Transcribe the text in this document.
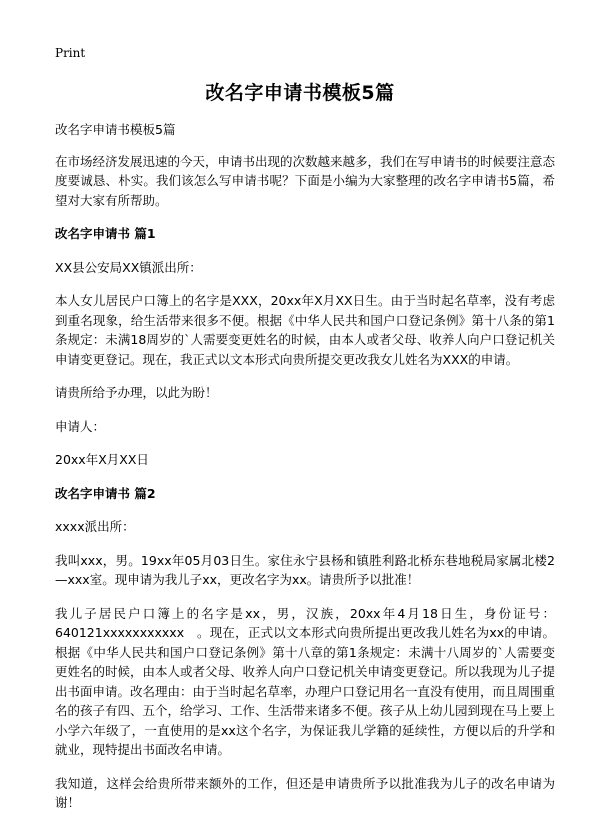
Print
改名字申请书模板5篇

改名字申请书模板5篇

在市场经济发展迅速的今天，申请书出现的次数越来越多，我们在写申请书的时候要注意态度要诚恳、朴实。我们该怎么写申请书呢？下面是小编为大家整理的改名字申请书5篇，希望对大家有所帮助。

改名字申请书 篇1

XX县公安局XX镇派出所：

本人女儿居民户口簿上的名字是XXX，20xx年X月XX日生。由于当时起名草率，没有考虑到重名现象，给生活带来很多不便。根据《中华人民共和国户口登记条例》第十八条的第1条规定：未满18周岁的`人需要变更姓名的时候，由本人或者父母、收养人向户口登记机关申请变更登记。现在，我正式以文本形式向贵所提交更改我女儿姓名为XXX的申请。

请贵所给予办理，以此为盼！

申请人：

20xx年X月XX日

改名字申请书 篇2

xxxx派出所：

我叫xxx，男。19xx年05月03日生。家住永宁县杨和镇胜利路北桥东巷地税局家属北楼2—xxx室。现申请为我儿子xx，更改名字为xx。请贵所予以批准！

我儿子居民户口簿上的名字是xx，男，汉族，20xx年4月18日生，身份证号：640121xxxxxxxxxxx　。现在，正式以文本形式向贵所提出更改我儿姓名为xx的申请。根据《中华人民共和国户口登记条例》第十八章的第1条规定：未满十八周岁的`人需要变更姓名的时候，由本人或者父母、收养人向户口登记机关申请变更登记。所以我现为儿子提出书面申请。改名理由：由于当时起名草率，办理户口登记用名一直没有使用，而且周围重名的孩子有四、五个，给学习、工作、生活带来诸多不便。孩子从上幼儿园到现在马上要上小学六年级了，一直使用的是xx这个名字，为保证我儿学籍的延续性，方便以后的升学和就业，现特提出书面改名申请。

我知道，这样会给贵所带来额外的工作，但还是申请贵所予以批准我为儿子的改名申请为谢！
